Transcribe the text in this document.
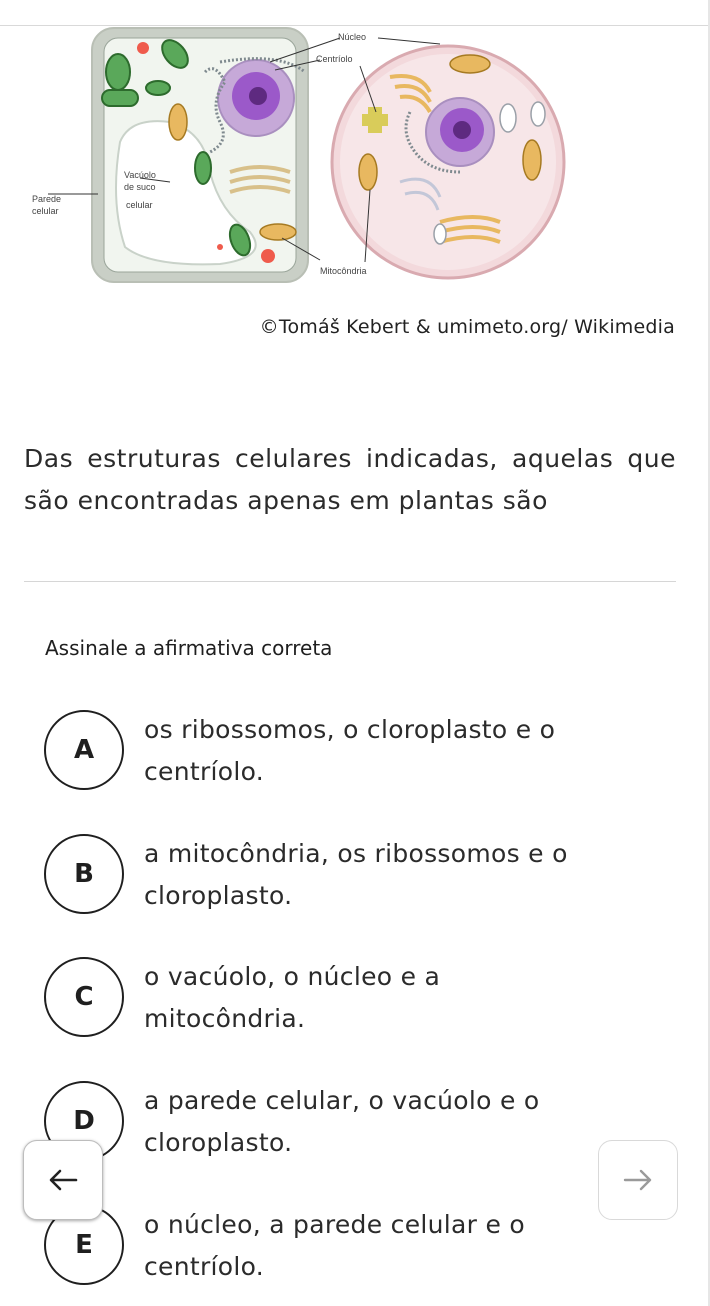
Núcleo
Centríolo
Vacúolo
de suco
celular
Parede
celular
Mitocôndria
©Tomáš Kebert & umimeto.org/ Wikimedia
Das estruturas celulares indicadas, aquelas que são encontradas apenas em plantas são
Assinale a afirmativa correta
A
os ribossomos, o cloroplasto e o
centríolo.
B
a mitocôndria, os ribossomos e o
cloroplasto.
C
o vacúolo, o núcleo e a
mitocôndria.
D
a parede celular, o vacúolo e o
cloroplasto.
E
o núcleo, a parede celular e o
centríolo.
